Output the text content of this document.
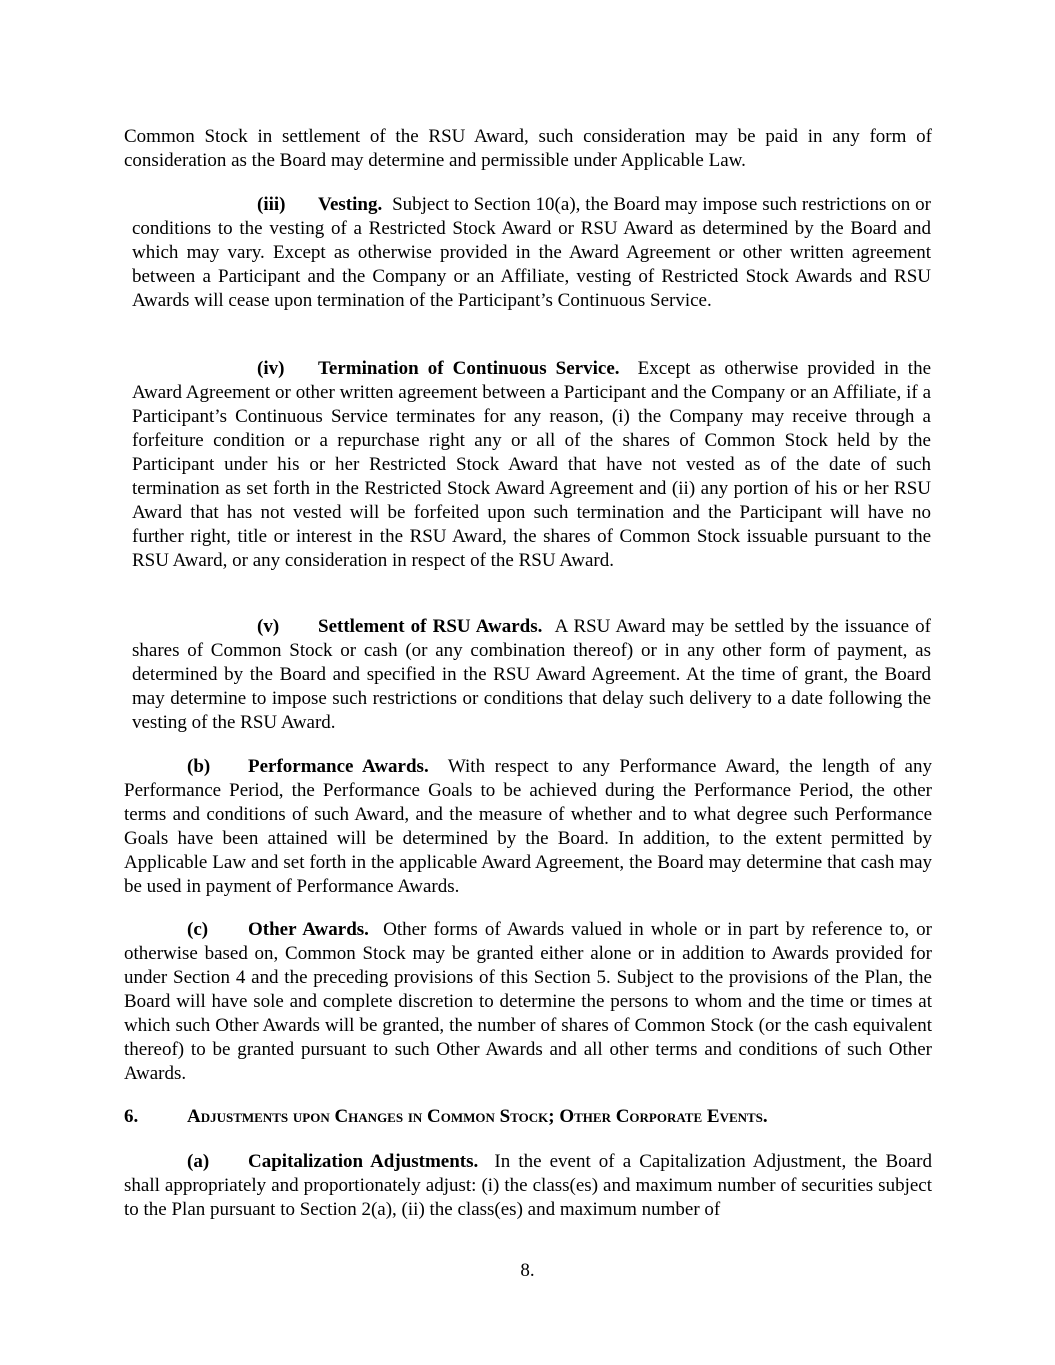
Common Stock in settlement of the RSU Award, such consideration may be paid in any form of consideration as the Board may determine and permissible under Applicable Law.

(iii) Vesting. Subject to Section 10(a), the Board may impose such restrictions on or conditions to the vesting of a Restricted Stock Award or RSU Award as determined by the Board and which may vary. Except as otherwise provided in the Award Agreement or other written agreement between a Participant and the Company or an Affiliate, vesting of Restricted Stock Awards and RSU Awards will cease upon termination of the Participant’s Continuous Service.

(iv) Termination of Continuous Service. Except as otherwise provided in the Award Agreement or other written agreement between a Participant and the Company or an Affiliate, if a Participant’s Continuous Service terminates for any reason, (i) the Company may receive through a forfeiture condition or a repurchase right any or all of the shares of Common Stock held by the Participant under his or her Restricted Stock Award that have not vested as of the date of such termination as set forth in the Restricted Stock Award Agreement and (ii) any portion of his or her RSU Award that has not vested will be forfeited upon such termination and the Participant will have no further right, title or interest in the RSU Award, the shares of Common Stock issuable pursuant to the RSU Award, or any consideration in respect of the RSU Award.

(v) Settlement of RSU Awards. A RSU Award may be settled by the issuance of shares of Common Stock or cash (or any combination thereof) or in any other form of payment, as determined by the Board and specified in the RSU Award Agreement. At the time of grant, the Board may determine to impose such restrictions or conditions that delay such delivery to a date following the vesting of the RSU Award.

(b) Performance Awards. With respect to any Performance Award, the length of any Performance Period, the Performance Goals to be achieved during the Performance Period, the other terms and conditions of such Award, and the measure of whether and to what degree such Performance Goals have been attained will be determined by the Board. In addition, to the extent permitted by Applicable Law and set forth in the applicable Award Agreement, the Board may determine that cash may be used in payment of Performance Awards.

(c) Other Awards. Other forms of Awards valued in whole or in part by reference to, or otherwise based on, Common Stock may be granted either alone or in addition to Awards provided for under Section 4 and the preceding provisions of this Section 5. Subject to the provisions of the Plan, the Board will have sole and complete discretion to determine the persons to whom and the time or times at which such Other Awards will be granted, the number of shares of Common Stock (or the cash equivalent thereof) to be granted pursuant to such Other Awards and all other terms and conditions of such Other Awards.

6.	Adjustments upon Changes in Common Stock; Other Corporate Events.

(a) Capitalization Adjustments. In the event of a Capitalization Adjustment, the Board shall appropriately and proportionately adjust: (i) the class(es) and maximum number of securities subject to the Plan pursuant to Section 2(a), (ii) the class(es) and maximum number of

8.
